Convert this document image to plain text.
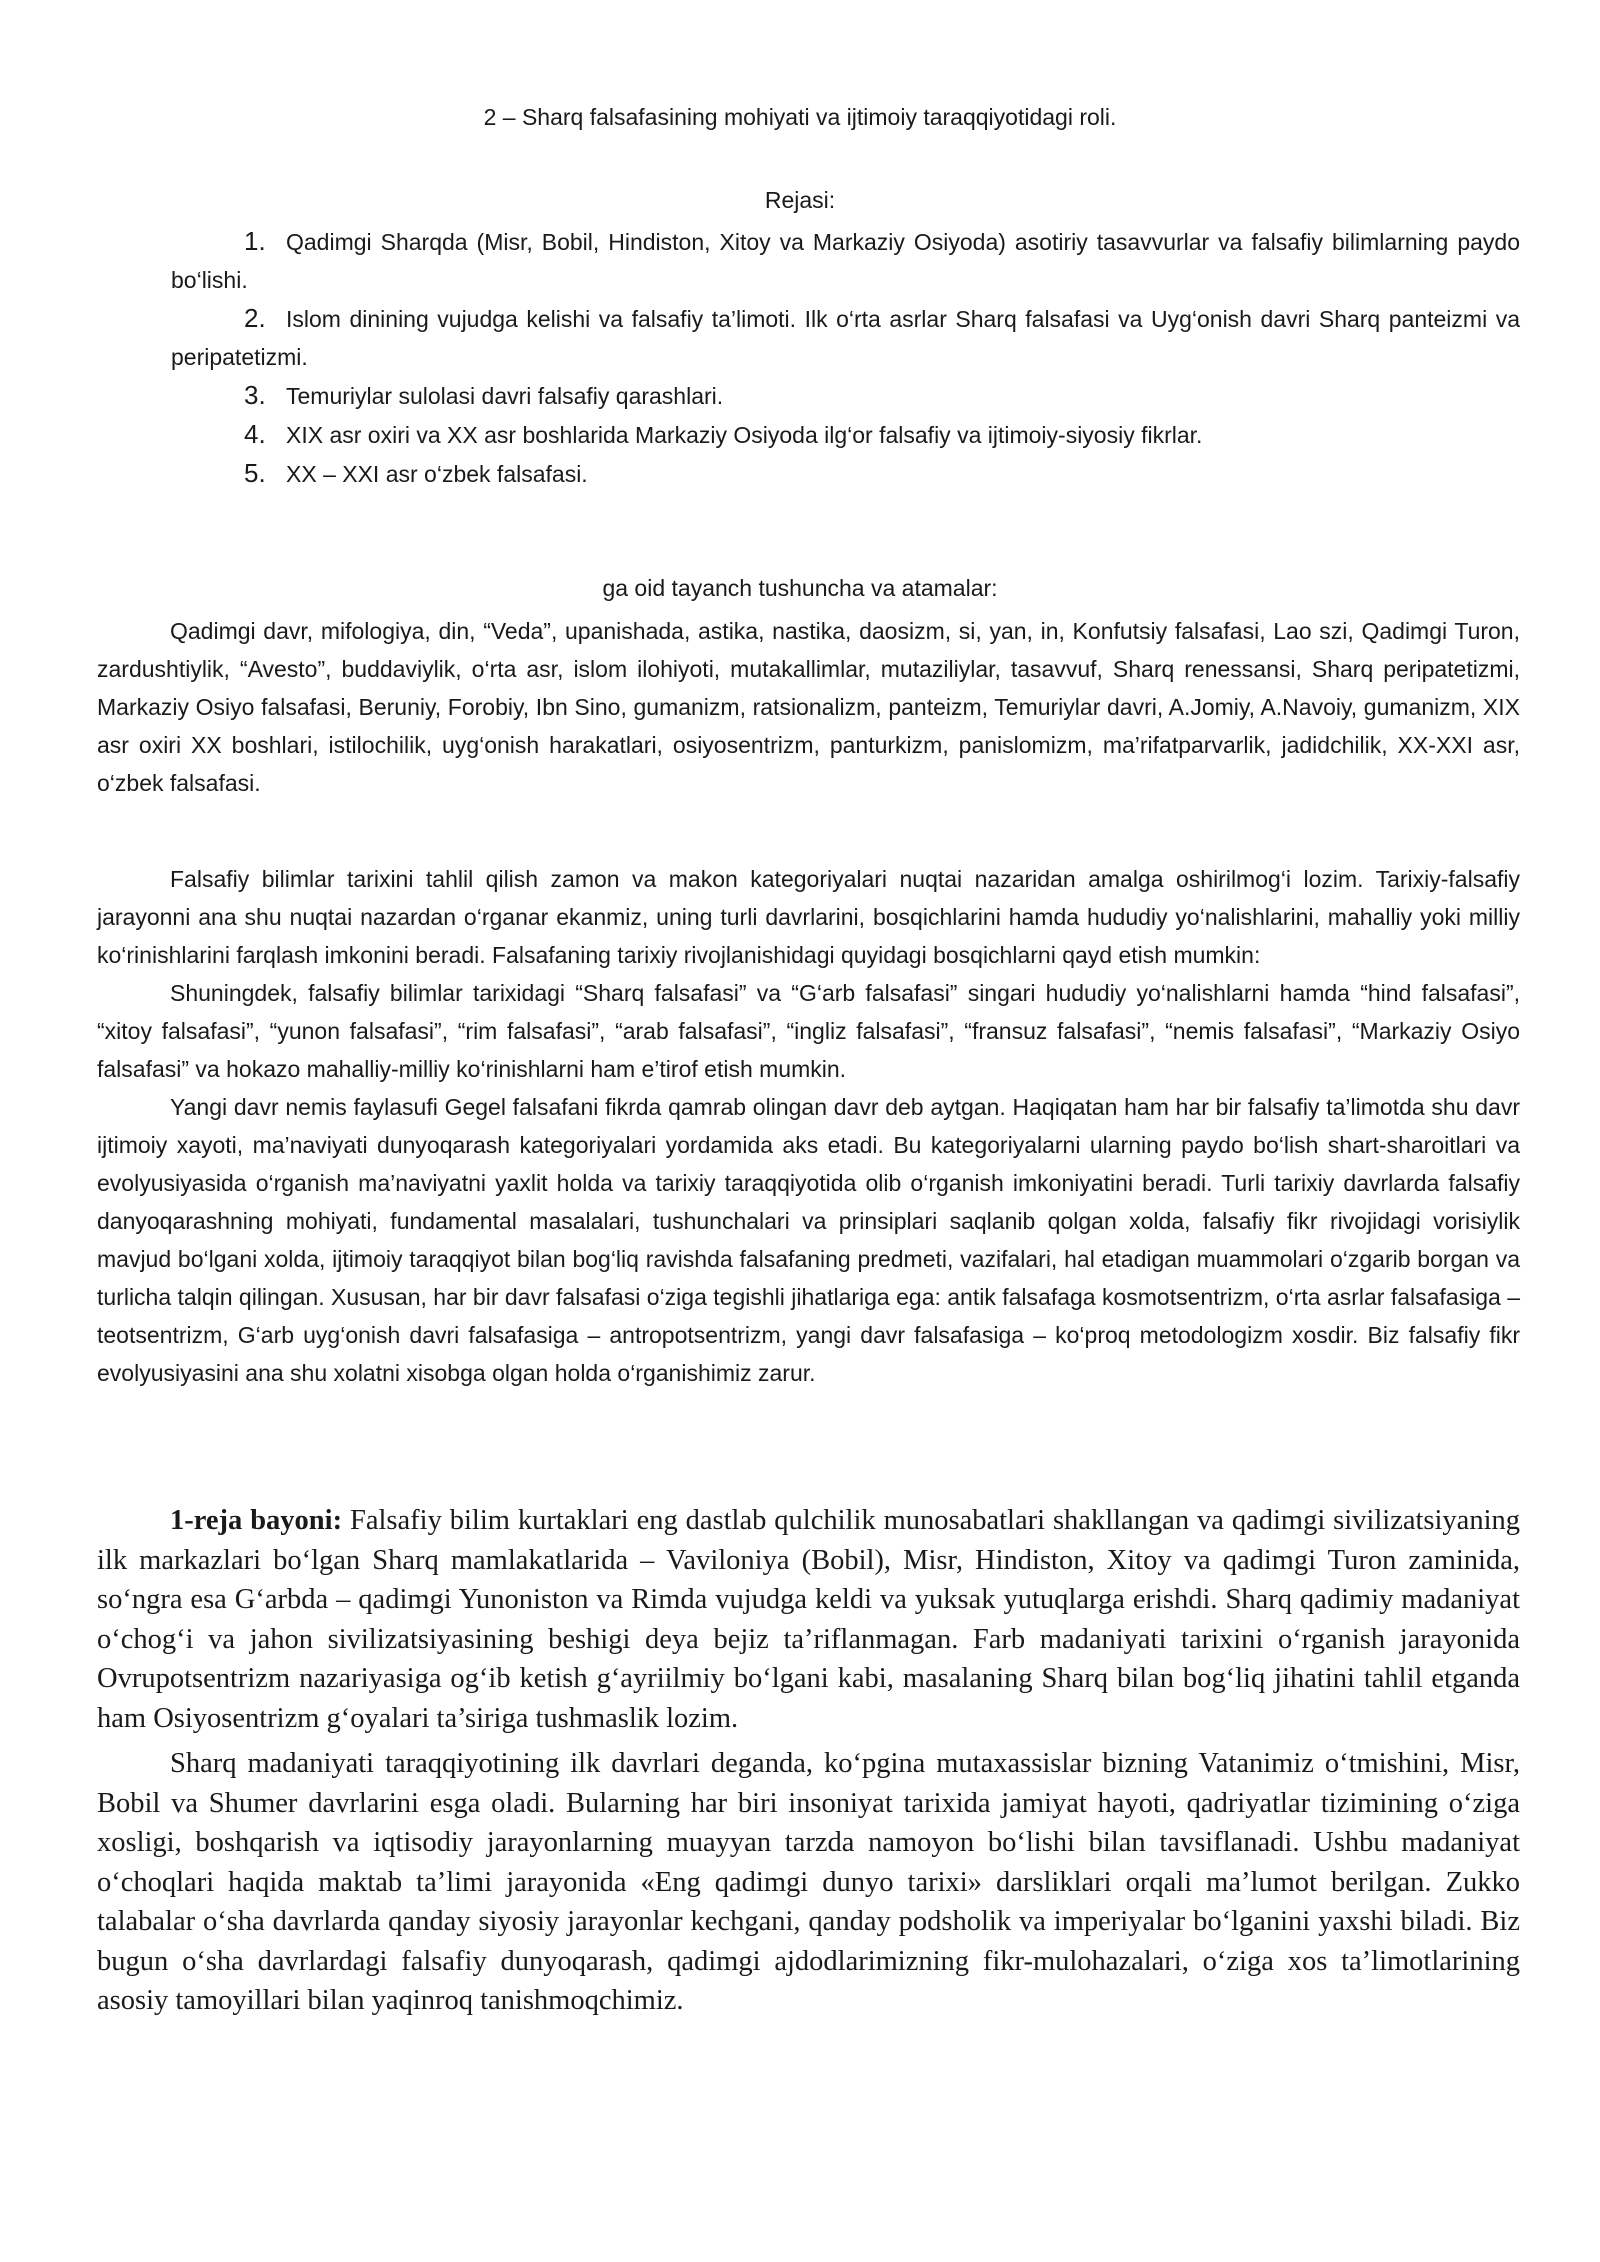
2 – Sharq falsafasining mohiyati va ijtimoiy taraqqiyotidagi roli.
Rejasi:
1. Qadimgi Sharqda (Misr, Bobil, Hindiston, Xitoy va Markaziy Osiyoda) asotiriy tasavvurlar va falsafiy bilimlarning paydo bo‘lishi.
2. Islom dinining vujudga kelishi va falsafiy ta’limoti. Ilk o‘rta asrlar Sharq falsafasi va Uyg‘onish davri Sharq panteizmi va peripatetizmi.
3. Temuriylar sulolasi davri falsafiy qarashlari.
4. XIX asr oxiri va XX asr boshlarida Markaziy Osiyoda ilg‘or falsafiy va ijtimoiy-siyosiy fikrlar.
5. XX – XXI asr o‘zbek falsafasi.
ga oid tayanch tushuncha va atamalar:

Qadimgi davr, mifologiya, din, “Veda”, upanishada, astika, nastika, daosizm, si, yan, in, Konfutsiy falsafasi, Lao szi, Qadimgi Turon, zardushtiylik, “Avesto”, buddaviylik, o‘rta asr, islom ilohiyoti, mutakallimlar, mutaziliylar, tasavvuf, Sharq renessansi, Sharq peripatetizmi, Markaziy Osiyo falsafasi, Beruniy, Forobiy, Ibn Sino, gumanizm, ratsionalizm, panteizm, Temuriylar davri, A.Jomiy, A.Navoiy, gumanizm, XIX asr oxiri XX boshlari, istilochilik, uyg‘onish harakatlari, osiyosentrizm, panturkizm, panislomizm, ma’rifatparvarlik, jadidchilik, XX-XXI asr, o‘zbek falsafasi.

Falsafiy bilimlar tarixini tahlil qilish zamon va makon kategoriyalari nuqtai nazaridan amalga oshirilmog‘i lozim. Tarixiy-falsafiy jarayonni ana shu nuqtai nazardan o‘rganar ekanmiz, uning turli davrlarini, bosqichlarini hamda hududiy yo‘nalishlarini, mahalliy yoki milliy ko‘rinishlarini farqlash imkonini beradi. Falsafaning tarixiy rivojlanishidagi quyidagi bosqichlarni qayd etish mumkin:

Shuningdek, falsafiy bilimlar tarixidagi “Sharq falsafasi” va “G‘arb falsafasi” singari hududiy yo‘nalishlarni hamda “hind falsafasi”, “xitoy falsafasi”, “yunon falsafasi”, “rim falsafasi”, “arab falsafasi”, “ingliz falsafasi”, “fransuz falsafasi”, “nemis falsafasi”, “Markaziy Osiyo falsafasi” va hokazo mahalliy-milliy ko‘rinishlarni ham e’tirof etish mumkin.

Yangi davr nemis faylasufi Gegel falsafani fikrda qamrab olingan davr deb aytgan. Haqiqatan ham har bir falsafiy ta’limotda shu davr ijtimoiy xayoti, ma’naviyati dunyoqarash kategoriyalari yordamida aks etadi. Bu kategoriyalarni ularning paydo bo‘lish shart-sharoitlari va evolyusiyasida o‘rganish ma’naviyatni yaxlit holda va tarixiy taraqqiyotida olib o‘rganish imkoniyatini beradi. Turli tarixiy davrlarda falsafiy danyoqarashning mohiyati, fundamental masalalari, tushunchalari va prinsiplari saqlanib qolgan xolda, falsafiy fikr rivojidagi vorisiylik mavjud bo‘lgani xolda, ijtimoiy taraqqiyot bilan bog‘liq ravishda falsafaning predmeti, vazifalari, hal etadigan muammolari o‘zgarib borgan va turlicha talqin qilingan. Xususan, har bir davr falsafasi o‘ziga tegishli jihatlariga ega: antik falsafaga kosmotsentrizm, o‘rta asrlar falsafasiga – teotsentrizm, G‘arb uyg‘onish davri falsafasiga – antropotsentrizm, yangi davr falsafasiga – ko‘proq metodologizm xosdir. Biz falsafiy fikr evolyusiyasini ana shu xolatni xisobga olgan holda o‘rganishimiz zarur.

1-reja bayoni: Falsafiy bilim kurtaklari eng dastlab qulchilik munosabatlari shakllangan va qadimgi sivilizatsiyaning ilk markazlari bo‘lgan Sharq mamlakatlarida – Vaviloniya (Bobil), Misr, Hindiston, Xitoy va qadimgi Turon zaminida, so‘ngra esa G‘arbda – qadimgi Yunoniston va Rimda vujudga keldi va yuksak yutuqlarga erishdi. Sharq qadimiy madaniyat o‘chog‘i va jahon sivilizatsiyasining beshigi deya bejiz ta’riflanmagan. Farb madaniyati tarixini o‘rganish jarayonida Ovrupotsentrizm nazariyasiga og‘ib ketish g‘ayriilmiy bo‘lgani kabi, masalaning Sharq bilan bog‘liq jihatini tahlil etganda ham Osiyosentrizm g‘oyalari ta’siriga tushmaslik lozim.

Sharq madaniyati taraqqiyotining ilk davrlari deganda, ko‘pgina mutaxassislar bizning Vatanimiz o‘tmishini, Misr, Bobil va Shumer davrlarini esga oladi. Bularning har biri insoniyat tarixida jamiyat hayoti, qadriyatlar tizimining o‘ziga xosligi, boshqarish va iqtisodiy jarayonlarning muayyan tarzda namoyon bo‘lishi bilan tavsiflanadi. Ushbu madaniyat o‘choqlari haqida maktab ta’limi jarayonida «Eng qadimgi dunyo tarixi» darsliklari orqali ma’lumot berilgan. Zukko talabalar o‘sha davrlarda qanday siyosiy jarayonlar kechgani, qanday podsholik va imperiyalar bo‘lganini yaxshi biladi. Biz bugun o‘sha davrlardagi falsafiy dunyoqarash, qadimgi ajdodlarimizning fikr-mulohazalari, o‘ziga xos ta’limotlarining asosiy tamoyillari bilan yaqinroq tanishmoqchimiz.
